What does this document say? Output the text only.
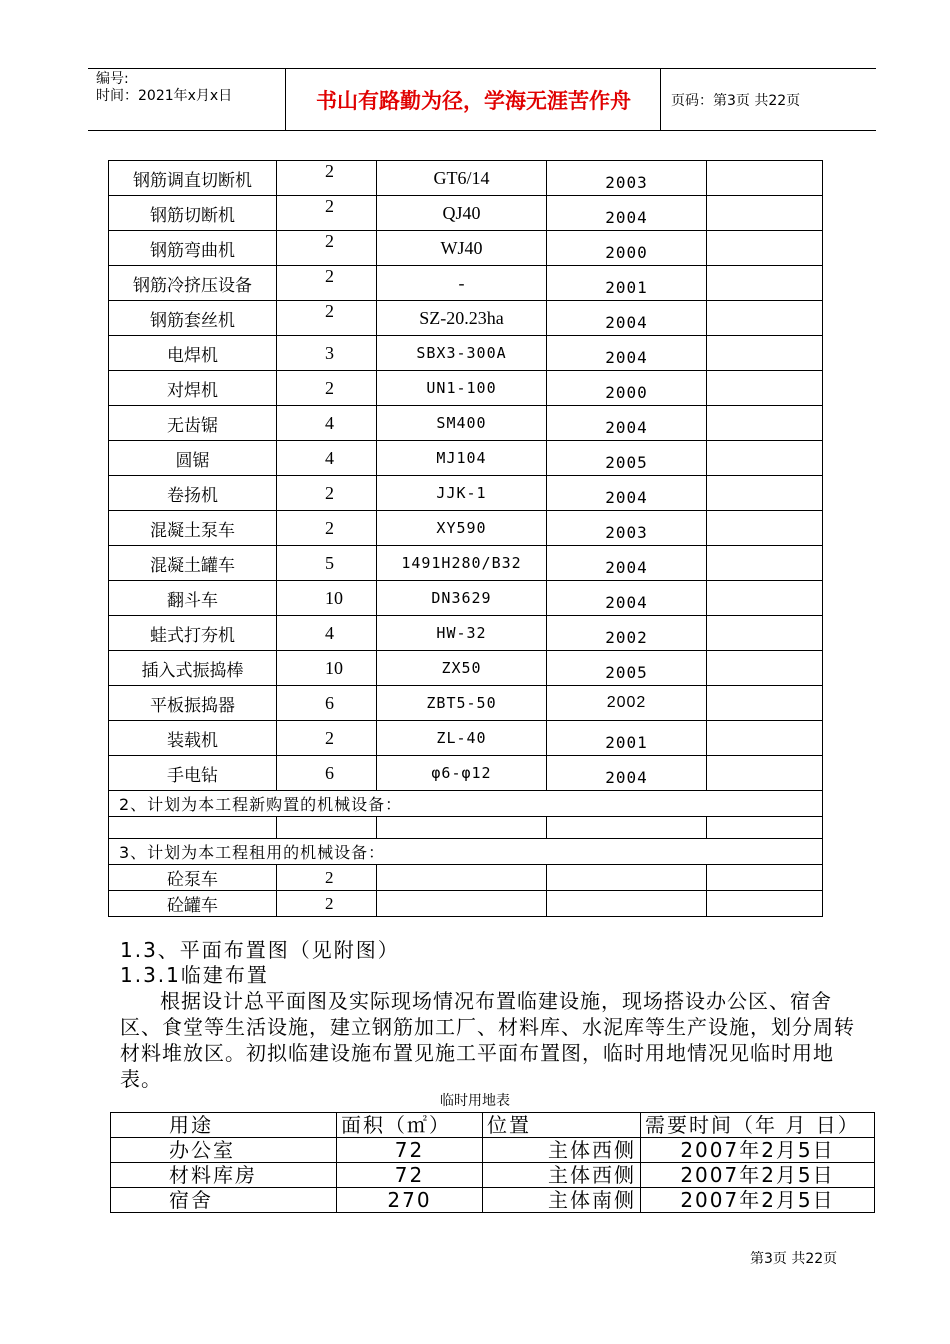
编号:
时间：2021年x月x日	书山有路勤为径，学海无涯苦作舟	页码：第3页 共22页
钢筋调直切断机	2	GT6/14	2003	
钢筋切断机	2	QJ40	2004	
钢筋弯曲机	2	WJ40	2000	
钢筋冷挤压设备	2	-	2001	
钢筋套丝机	2	SZ-20.23ha	2004	
电焊机	3	SBX3-300A	2004	
对焊机	2	UN1-100	2000	
无齿锯	4	SM400	2004	
圆锯	4	MJ104	2005	
卷扬机	2	JJK-1	2004	
混凝土泵车	2	XY590	2003	
混凝土罐车	5	1491H280/B32	2004	
翻斗车	10	DN3629	2004	
蛙式打夯机	4	HW-32	2002	
插入式振捣棒	10	ZX50	2005	
平板振捣器	6	ZBT5-50	2002	
装载机	2	ZL-40	2001	
手电钻	6	φ6-φ12	2004	
2、计划为本工程新购置的机械设备：				

3、计划为本工程租用的机械设备：				
砼泵车	2			
砼罐车	2			
1.3、平面布置图（见附图）
1.3.1临建布置
根据设计总平面图及实际现场情况布置临建设施，现场搭设办公区、宿舍区、食堂等生活设施，建立钢筋加工厂、材料库、水泥库等生产设施，划分周转材料堆放区。初拟临建设施布置见施工平面布置图，临时用地情况见临时用地表。
临时用地表
用途	面积（㎡）	位置	需要时间（年 月 日）
办公室	72	主体西侧	2007年2月5日
材料库房	72	主体西侧	2007年2月5日
宿舍	270	主体南侧	2007年2月5日
第3页 共22页
